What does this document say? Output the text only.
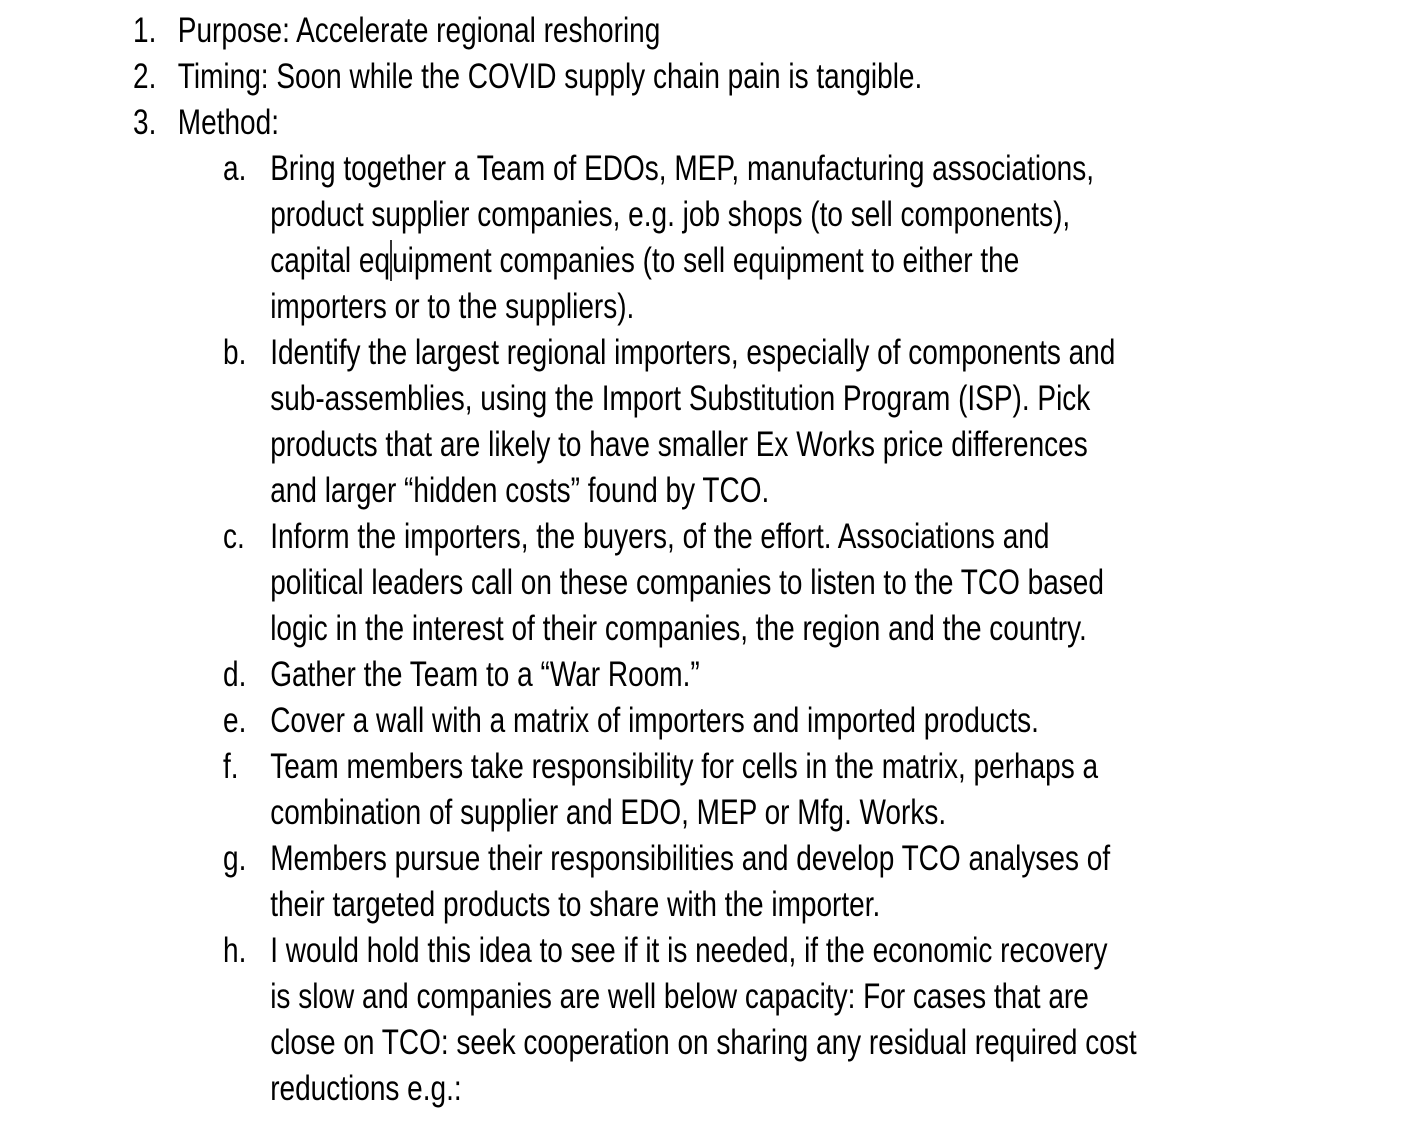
1. Purpose: Accelerate regional reshoring
2. Timing: Soon while the COVID supply chain pain is tangible.
3. Method:
a. Bring together a Team of EDOs, MEP, manufacturing associations,
product supplier companies, e.g. job shops (to sell components),
capital equipment companies (to sell equipment to either the
importers or to the suppliers).
b. Identify the largest regional importers, especially of components and
sub-assemblies, using the Import Substitution Program (ISP). Pick
products that are likely to have smaller Ex Works price differences
and larger “hidden costs” found by TCO.
c. Inform the importers, the buyers, of the effort. Associations and
political leaders call on these companies to listen to the TCO based
logic in the interest of their companies, the region and the country.
d. Gather the Team to a “War Room.”
e. Cover a wall with a matrix of importers and imported products.
f. Team members take responsibility for cells in the matrix, perhaps a
combination of supplier and EDO, MEP or Mfg. Works.
g. Members pursue their responsibilities and develop TCO analyses of
their targeted products to share with the importer.
h. I would hold this idea to see if it is needed, if the economic recovery
is slow and companies are well below capacity: For cases that are
close on TCO: seek cooperation on sharing any residual required cost
reductions e.g.:
